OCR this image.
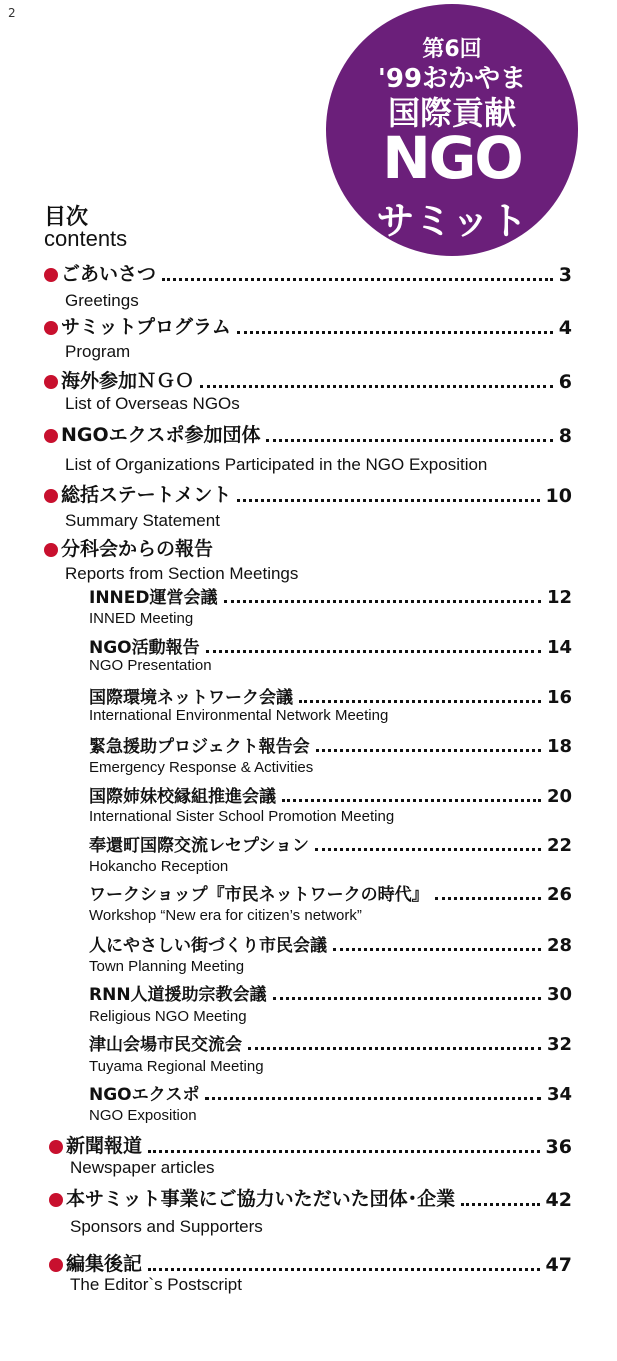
2
第6回
'99おかやま
国際貢献
NGO
サミット
目次
contents
ごあいさつ	3
Greetings
サミットプログラム	4
Program
海外参加ＮＧＯ	6
List of Overseas NGOs
NGOエクスポ参加団体	8
List of Organizations Participated in the NGO Exposition
総括ステートメント	10
Summary Statement
分科会からの報告
Reports from Section Meetings
INNED運営会議	12
INNED Meeting
NGO活動報告	14
NGO Presentation
国際環境ネットワーク会議	16
International Environmental Network Meeting
緊急援助プロジェクト報告会	18
Emergency Response & Activities
国際姉妹校縁組推進会議	20
International Sister School Promotion Meeting
奉還町国際交流レセプション	22
Hokancho Reception
ワークショップ『市民ネットワークの時代』	26
Workshop “New era for citizen’s network”
人にやさしい街づくり市民会議	28
Town Planning Meeting
RNN人道援助宗教会議	30
Religious NGO Meeting
津山会場市民交流会	32
Tuyama Regional Meeting
NGOエクスポ	34
NGO Exposition
新聞報道	36
Newspaper articles
本サミット事業にご協力いただいた団体･企業	42
Sponsors and Supporters
編集後記	47
The Editor`s Postscript
